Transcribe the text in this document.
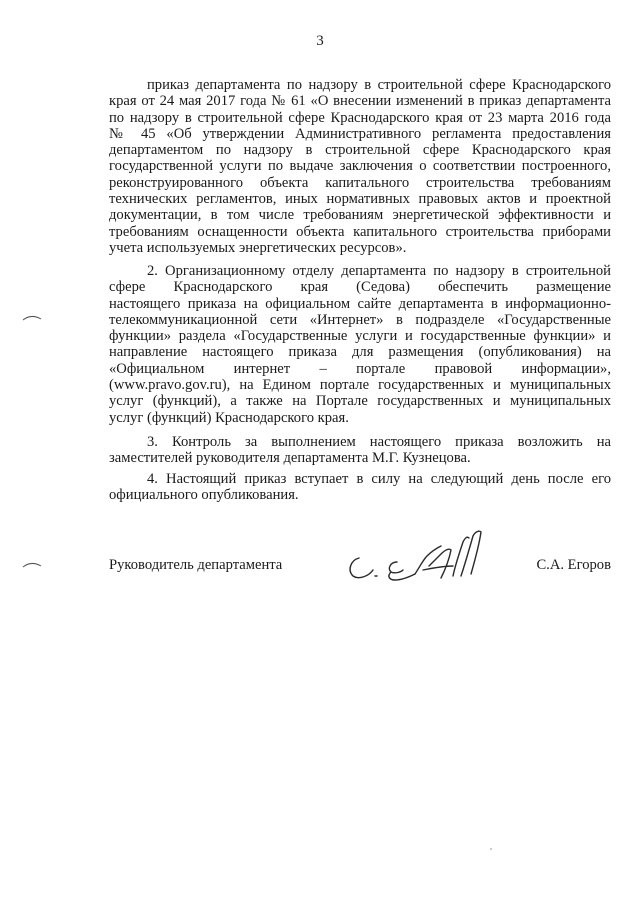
3
приказ департамента по надзору в строительной сфере Краснодарского
края от 24 мая 2017 года № 61 «О внесении изменений в приказ департамента
по надзору в строительной сфере Краснодарского края от 23 марта 2016 года
№ 45 «Об утверждении Административного регламента предоставления
департаментом по надзору в строительной сфере Краснодарского края
государственной услуги по выдаче заключения о соответствии построенного,
реконструированного объекта капитального строительства требованиям
технических регламентов, иных нормативных правовых актов и проектной
документации, в том числе требованиям энергетической эффективности и
требованиям оснащенности объекта капитального строительства приборами
учета используемых энергетических ресурсов».
2. Организационному отделу департамента по надзору в строительной
сфере Краснодарского края (Седова) обеспечить размещение
настоящего приказа на официальном сайте департамента в информационно-
телекоммуникационной сети «Интернет» в подразделе «Государственные
функции» раздела «Государственные услуги и государственные функции» и
направление настоящего приказа для размещения (опубликования) на
«Официальном интернет – портале правовой информации»,
(www.pravo.gov.ru), на Едином портале государственных и муниципальных
услуг (функций), а также на Портале государственных и муниципальных
услуг (функций) Краснодарского края.
3. Контроль за выполнением настоящего приказа возложить на
заместителей руководителя департамента М.Г. Кузнецова.
4. Настоящий приказ вступает в силу на следующий день после его
официального опубликования.
Руководитель департамента	С.А. Егоров
